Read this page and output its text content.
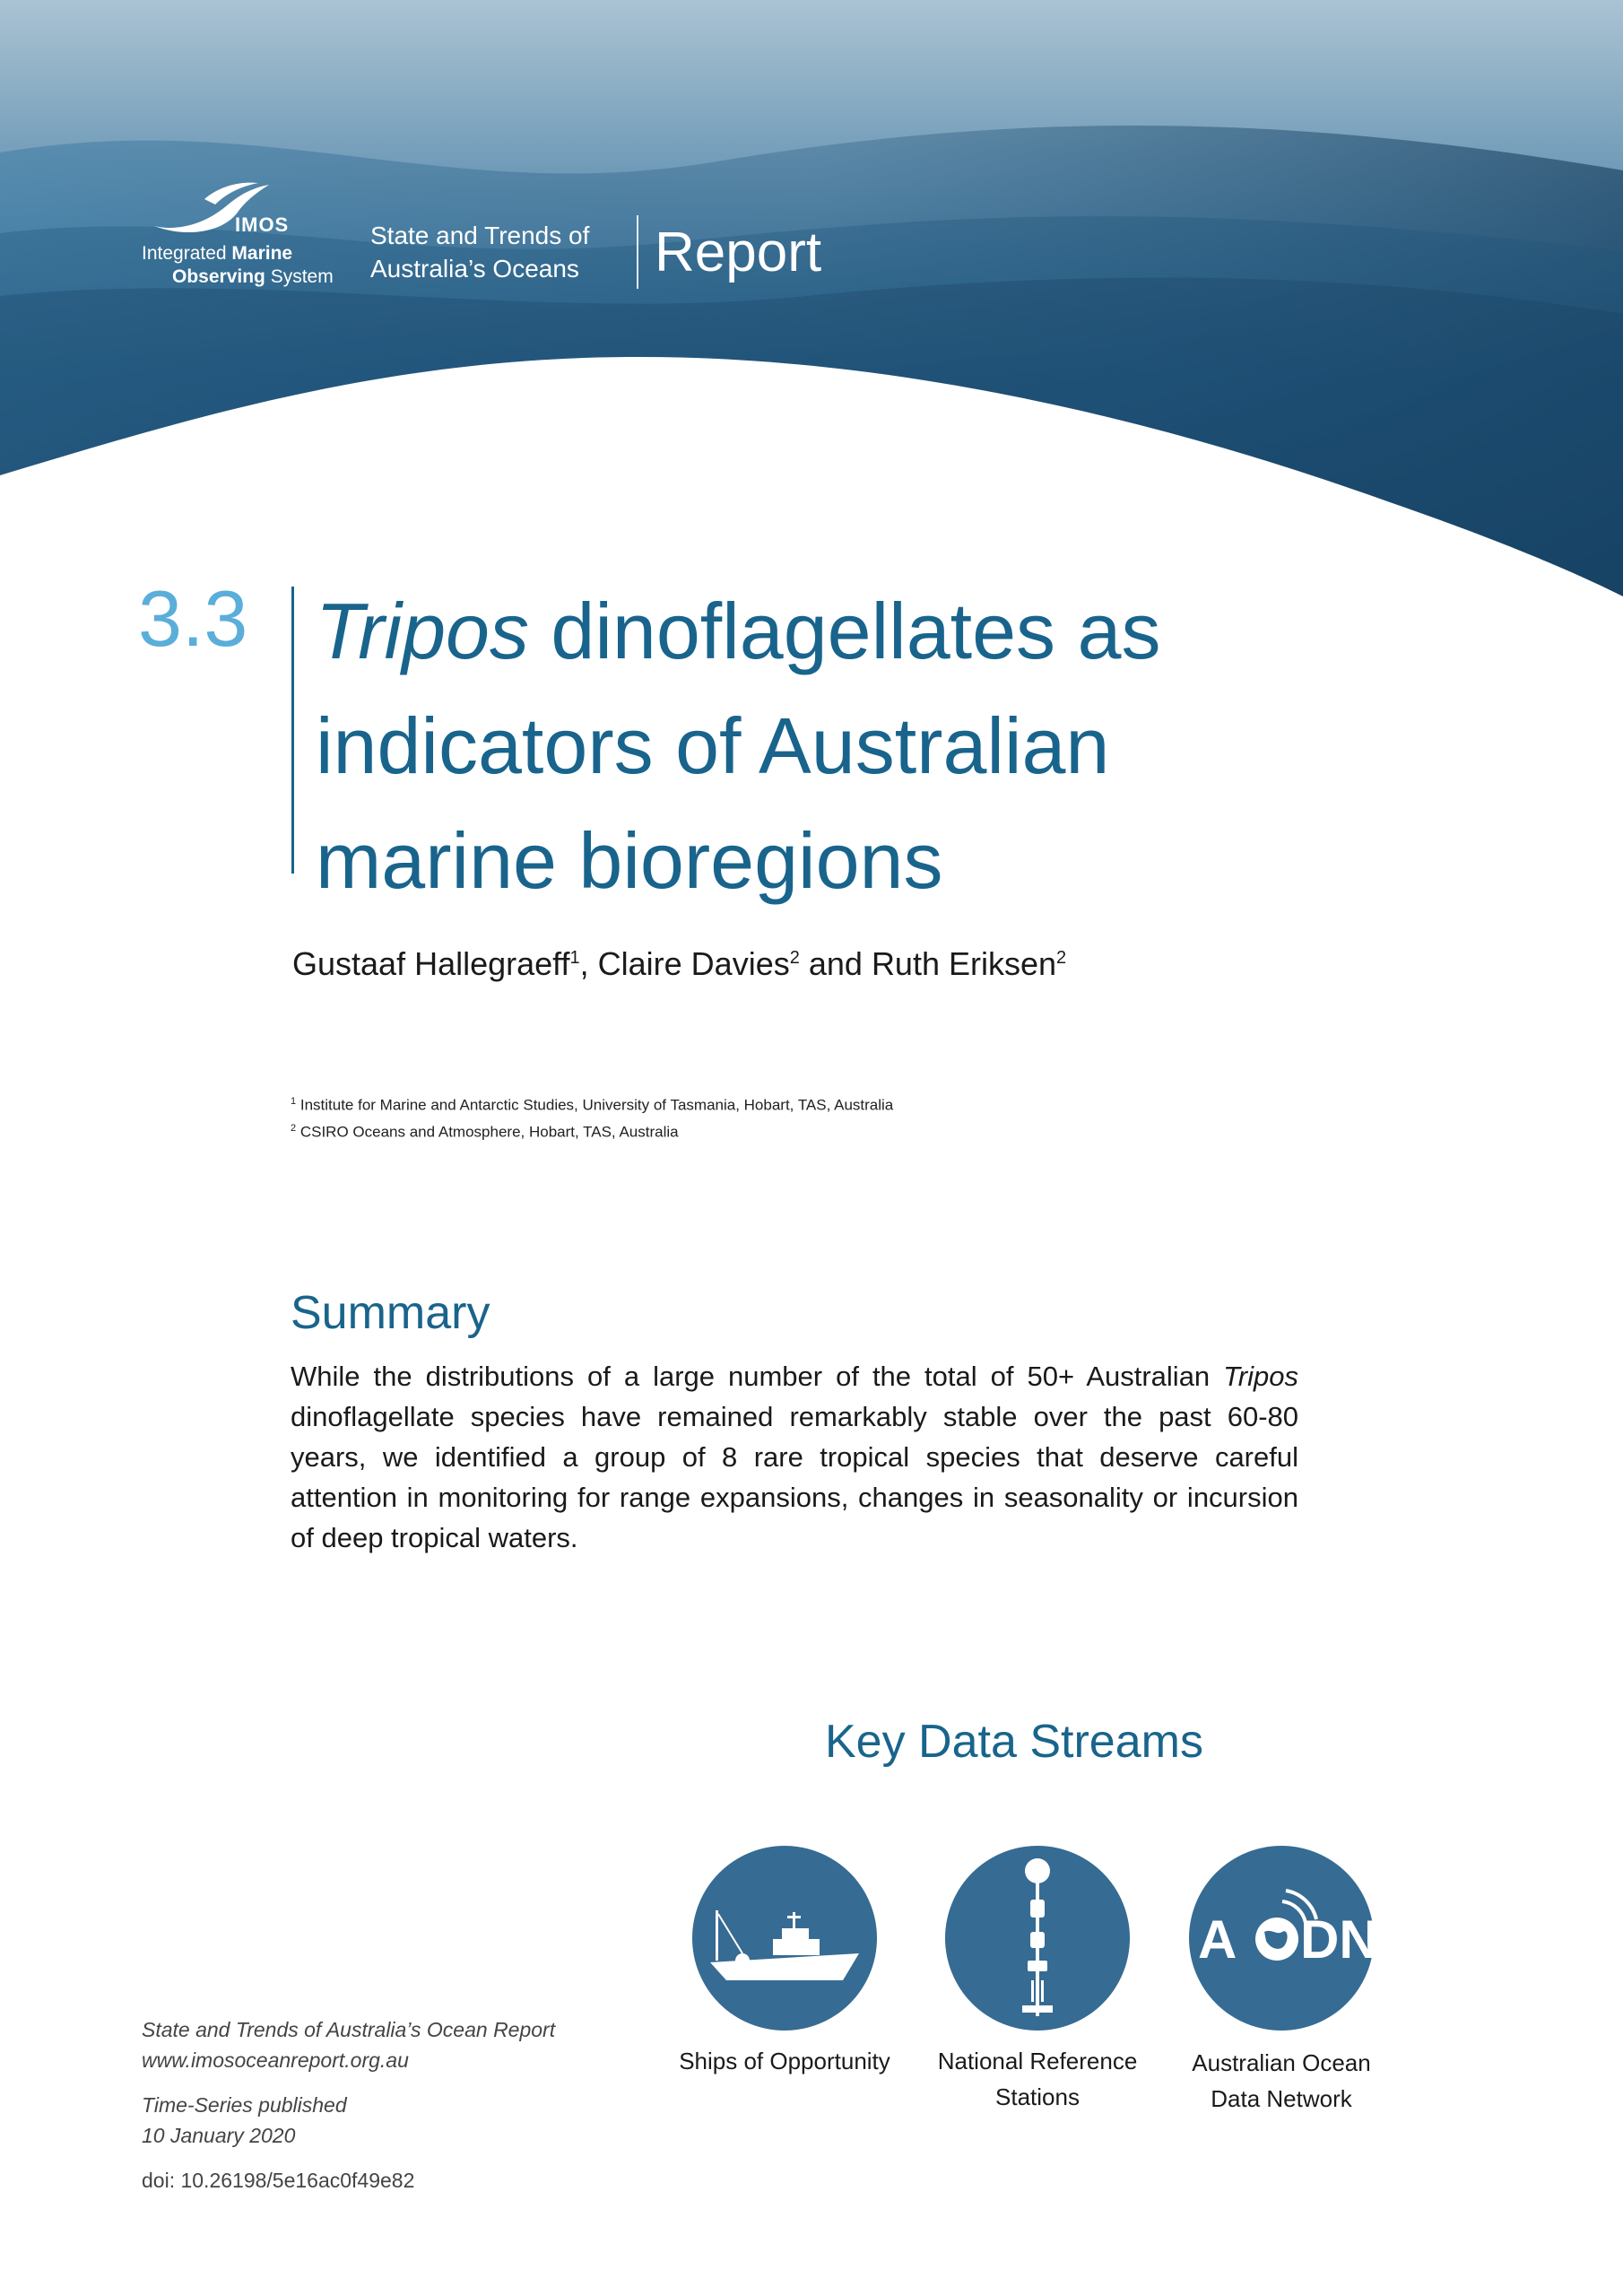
IMOS
Integrated Marine
Observing System
State and Trends of
Australia’s Oceans Report
3.3 Tripos dinoflagellates as
indicators of Australian
marine bioregions
Gustaaf Hallegraeff$^1$, Claire Davies$^2$ and Ruth Eriksen$^2$
$^1$ Institute for Marine and Antarctic Studies, University of Tasmania, Hobart, TAS, Australia
$^2$ CSIRO Oceans and Atmosphere, Hobart, TAS, Australia
Summary
While the distributions of a large number of the total of 50+ Australian Tripos dinoflagellate species have remained remarkably stable over the past 60-80 years, we identified a group of 8 rare tropical species that deserve careful attention in monitoring for range expansions, changes in seasonality or incursion of deep tropical waters.
Key Data Streams
A DN
Ships of Opportunity	National Reference
Stations
Australian Ocean
Data Network
State and Trends of Australia’s Ocean Report
www.imosoceanreport.org.au
Time-Series published
10 January 2020
doi: 10.26198/5e16ac0f49e82
